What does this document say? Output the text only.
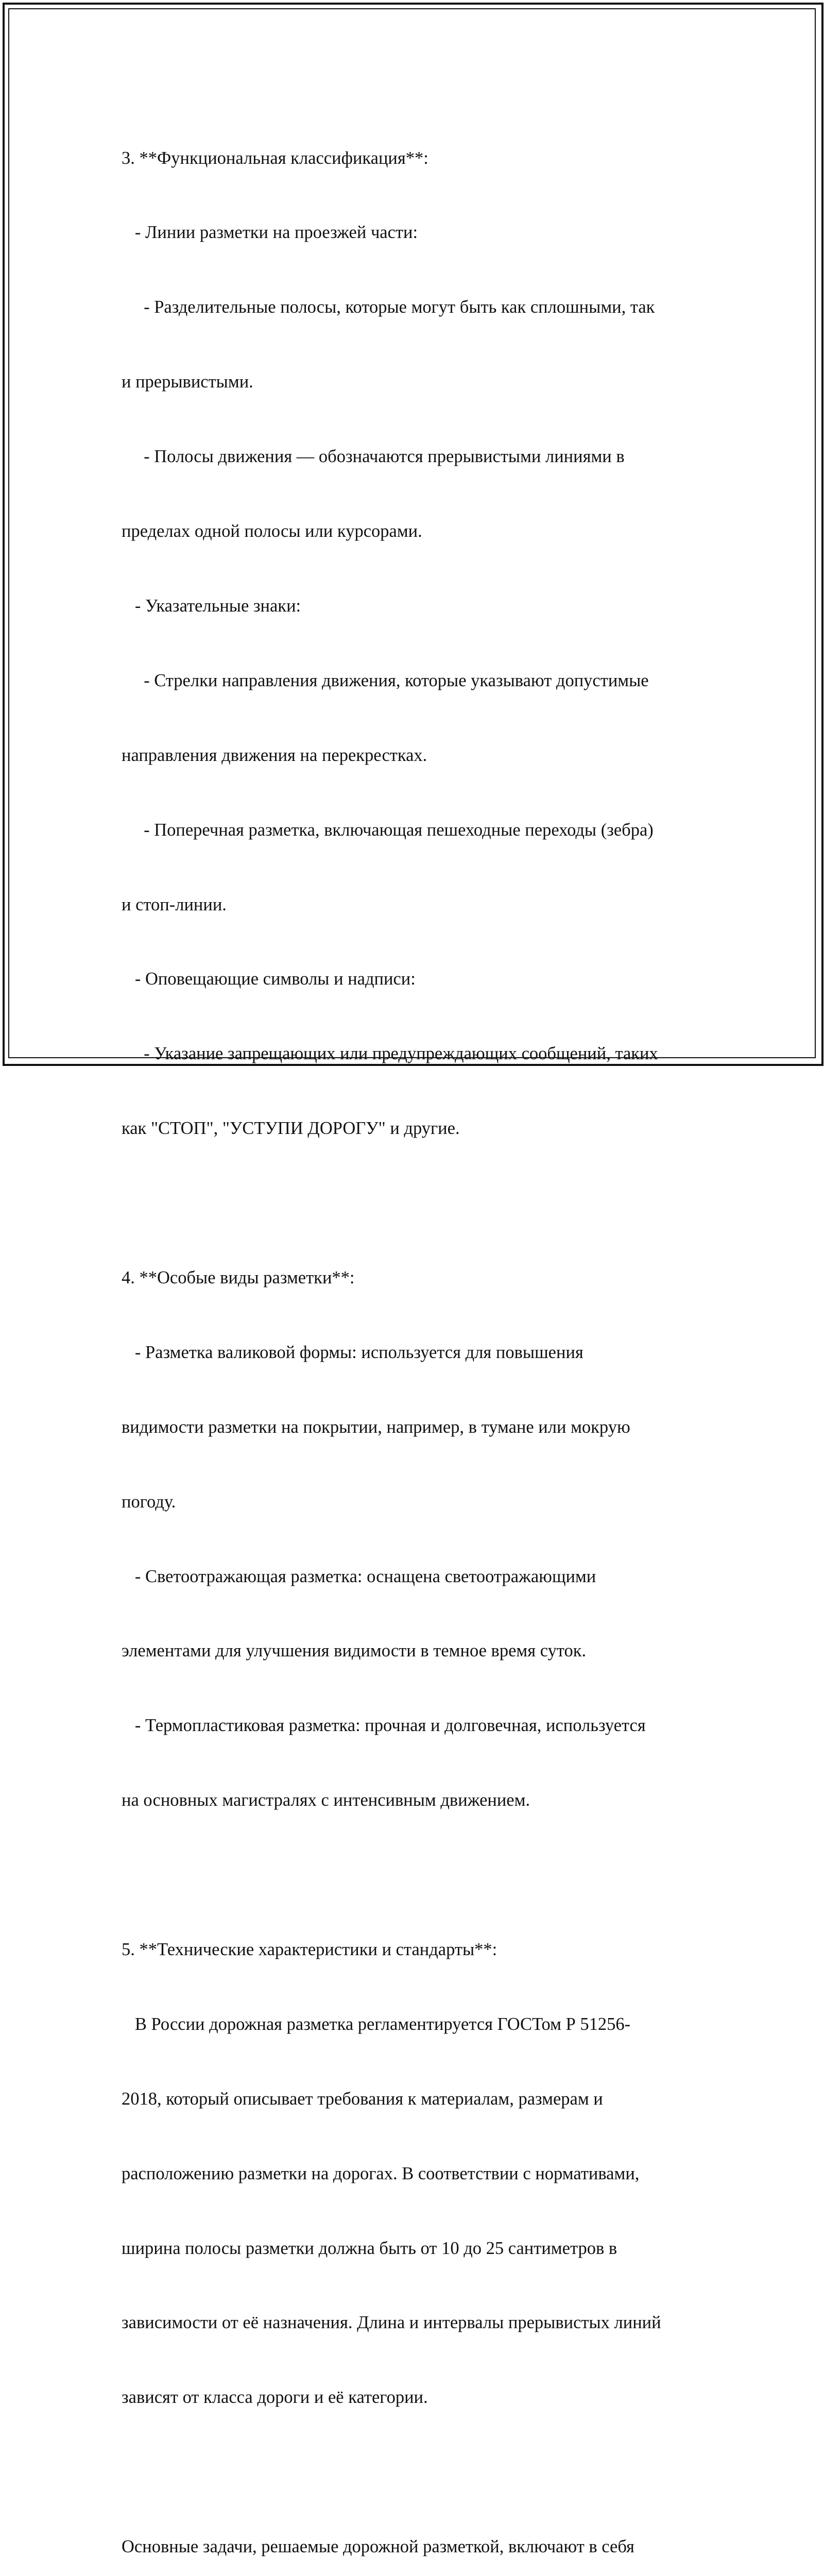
3. **Функциональная классификация**:

- Линии разметки на проезжей части:

- Разделительные полосы, которые могут быть как сплошными, так

и прерывистыми.

- Полосы движения — обозначаются прерывистыми линиями в

пределах одной полосы или курсорами.

- Указательные знаки:

- Стрелки направления движения, которые указывают допустимые

направления движения на перекрестках.

- Поперечная разметка, включающая пешеходные переходы (зебра)

и стоп-линии.

- Оповещающие символы и надписи:

- Указание запрещающих или предупреждающих сообщений, таких

как "СТОП", "УСТУПИ ДОРОГУ" и другие.

4. **Особые виды разметки**:

- Разметка валиковой формы: используется для повышения

видимости разметки на покрытии, например, в тумане или мокрую

погоду.

- Светоотражающая разметка: оснащена светоотражающими

элементами для улучшения видимости в темное время суток.

- Термопластиковая разметка: прочная и долговечная, используется

на основных магистралях с интенсивным движением.

5. **Технические характеристики и стандарты**:

В России дорожная разметка регламентируется ГОСТом Р 51256-

2018, который описывает требования к материалам, размерам и

расположению разметки на дорогах. В соответствии с нормативами,

ширина полосы разметки должна быть от 10 до 25 сантиметров в

зависимости от её назначения. Длина и интервалы прерывистых линий

зависят от класса дороги и её категории.

Основные задачи, решаемые дорожной разметкой, включают в себя
